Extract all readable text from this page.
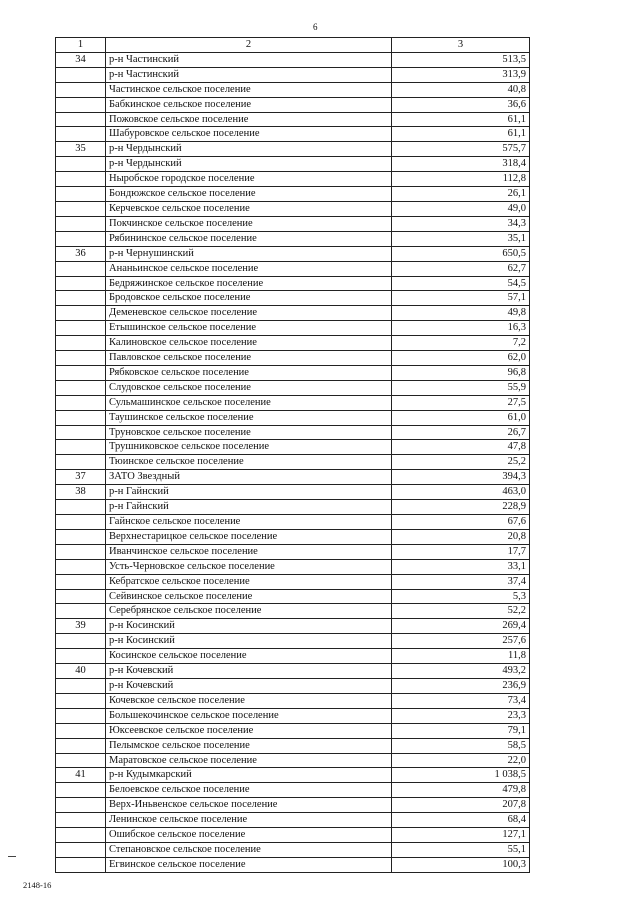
6
1	2	3
34	р-н Частинский	513,5
	р-н Частинский	313,9
	Частинское сельское поселение	40,8
	Бабкинское сельское поселение	36,6
	Пожовское сельское поселение	61,1
	Шабуровское сельское поселение	61,1
35	р-н Чердынский	575,7
	р-н Чердынский	318,4
	Ныробское городское поселение	112,8
	Бондюжское сельское поселение	26,1
	Керчевское сельское поселение	49,0
	Покчинское сельское поселение	34,3
	Рябининское сельское поселение	35,1
36	р-н Чернушинский	650,5
	Ананьинское сельское поселение	62,7
	Бедряжинское сельское поселение	54,5
	Бродовское сельское поселение	57,1
	Деменевское сельское поселение	49,8
	Етышинское сельское поселение	16,3
	Калиновское сельское поселение	7,2
	Павловское сельское поселение	62,0
	Рябковское сельское поселение	96,8
	Слудовское сельское поселение	55,9
	Сульмашинское сельское поселение	27,5
	Таушинское сельское поселение	61,0
	Труновское сельское поселение	26,7
	Трушниковское сельское поселение	47,8
	Тюинское сельское поселение	25,2
37	ЗАТО Звездный	394,3
38	р-н Гайнский	463,0
	р-н Гайнский	228,9
	Гайнское сельское поселение	67,6
	Верхнестарицкое сельское поселение	20,8
	Иванчинское сельское поселение	17,7
	Усть-Черновское сельское поселение	33,1
	Кебратское сельское поселение	37,4
	Сейвинское сельское поселение	5,3
	Серебрянское сельское поселение	52,2
39	р-н Косинский	269,4
	р-н Косинский	257,6
	Косинское сельское поселение	11,8
40	р-н Кочевский	493,2
	р-н Кочевский	236,9
	Кочевское сельское поселение	73,4
	Большекочинское сельское поселение	23,3
	Юксеевское сельское поселение	79,1
	Пелымское сельское поселение	58,5
	Маратовское сельское поселение	22,0
41	р-н Кудымкарский	1 038,5
	Белоевское сельское поселение	479,8
	Верх-Иньвенское сельское поселение	207,8
	Ленинское сельское поселение	68,4
	Ошибское сельское поселение	127,1
	Степановское сельское поселение	55,1
	Егвинское сельское поселение	100,3
2148-16
